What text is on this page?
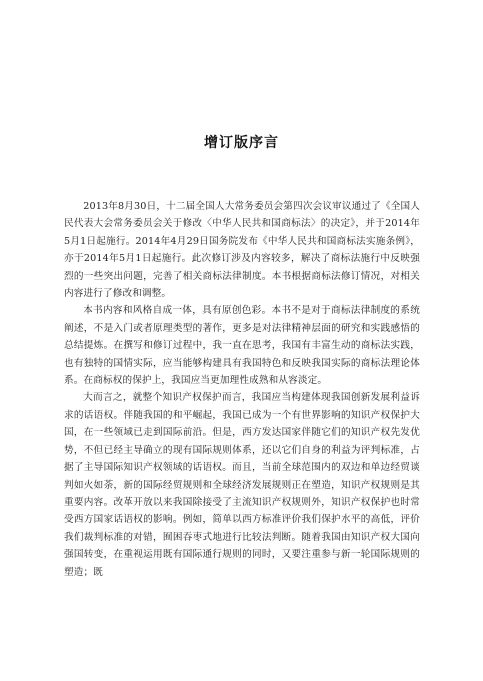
增订版序言

2013年8月30日，十二届全国人大常务委员会第四次会议审议通过了《全国人民代表大会常务委员会关于修改〈中华人民共和国商标法〉的决定》，并于2014年5月1日起施行。2014年4月29日国务院发布《中华人民共和国商标法实施条例》，亦于2014年5月1日起施行。此次修订涉及内容较多，解决了商标法施行中反映强烈的一些突出问题，完善了相关商标法律制度。本书根据商标法修订情况，对相关内容进行了修改和调整。

本书内容和风格自成一体，具有原创色彩。本书不是对于商标法律制度的系统阐述，不是入门或者原理类型的著作，更多是对法律精神层面的研究和实践感悟的总结提炼。在撰写和修订过程中，我一直在思考，我国有丰富生动的商标法实践，也有独特的国情实际，应当能够构建具有我国特色和反映我国实际的商标法理论体系。在商标权的保护上，我国应当更加理性成熟和从容淡定。

大而言之，就整个知识产权保护而言，我国应当构建体现我国创新发展利益诉求的话语权。伴随我国的和平崛起，我国已成为一个有世界影响的知识产权保护大国，在一些领域已走到国际前沿。但是，西方发达国家伴随它们的知识产权先发优势，不但已经主导确立的现有国际规则体系，还以它们自身的利益为评判标准，占据了主导国际知识产权领域的话语权。而且，当前全球范围内的双边和单边经贸谈判如火如荼，新的国际经贸规则和全球经济发展规则正在塑造，知识产权规则是其重要内容。改革开放以来我国除接受了主流知识产权规则外，知识产权保护也时常受西方国家话语权的影响。例如，简单以西方标准评价我们保护水平的高低，评价我们裁判标准的对错，囿困吞枣式地进行比较法判断。随着我国由知识产权大国向强国转变，在重视运用既有国际通行规则的同时，又要注重参与新一轮国际规则的塑造；既
